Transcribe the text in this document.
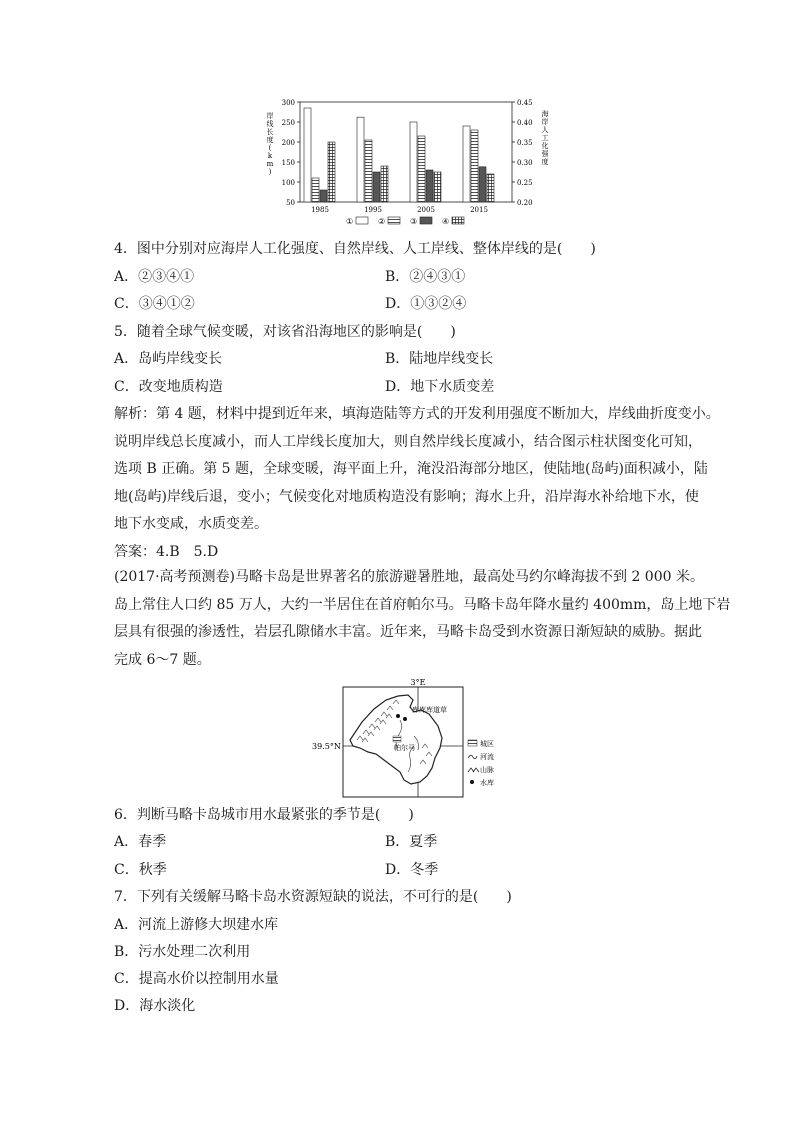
300
250
200
150
100
50
0.45
0.40
0.35
0.30
0.25
0.20
岸
线
长
度
(
k
m
)
海
岸
人
工
化
强
度
1985	1995	2005	2015
①	②	③	④
4．图中分别对应海岸人工化强度、自然岸线、人工岸线、整体岸线的是(　　)
A．②③④①	B．②④③①
C．③④①②	D．①③②④
5．随着全球气候变暖，对该省沿海地区的影响是(　　)
A．岛屿岸线变长	B．陆地岸线变长
C．改变地质构造	D．地下水质变差
解析：第 4 题，材料中提到近年来，填海造陆等方式的开发利用强度不断加大，岸线曲折度变小。
说明岸线总长度减小，而人工岸线长度加大，则自然岸线长度减小，结合图示柱状图变化可知，
选项 B 正确。第 5 题，全球变暖，海平面上升，淹没沿海部分地区，使陆地(岛屿)面积减小，陆
地(岛屿)岸线后退，变小；气候变化对地质构造没有影响；海水上升，沿岸海水补给地下水，使
地下水变咸，水质变差。
答案：4.B　5.D
(2017·高考预测卷)马略卡岛是世界著名的旅游避暑胜地，最高处马约尔峰海拔不到 2 000 米。
岛上常住人口约 85 万人，大约一半居住在首府帕尔马。马略卡岛年降水量约 400mm，岛上地下岩
层具有很强的渗透性，岩层孔隙储水丰富。近年来，马略卡岛受到水资源日渐短缺的威胁。据此
完成 6～7 题。
3°E
39.5°N
库库库道草
帕尔马	城区
河流
山脉
水库
6．判断马略卡岛城市用水最紧张的季节是(　　)
A．春季	B．夏季
C．秋季	D．冬季
7．下列有关缓解马略卡岛水资源短缺的说法，不可行的是(　　)
A．河流上游修大坝建水库
B．污水处理二次利用
C．提高水价以控制用水量
D．海水淡化
